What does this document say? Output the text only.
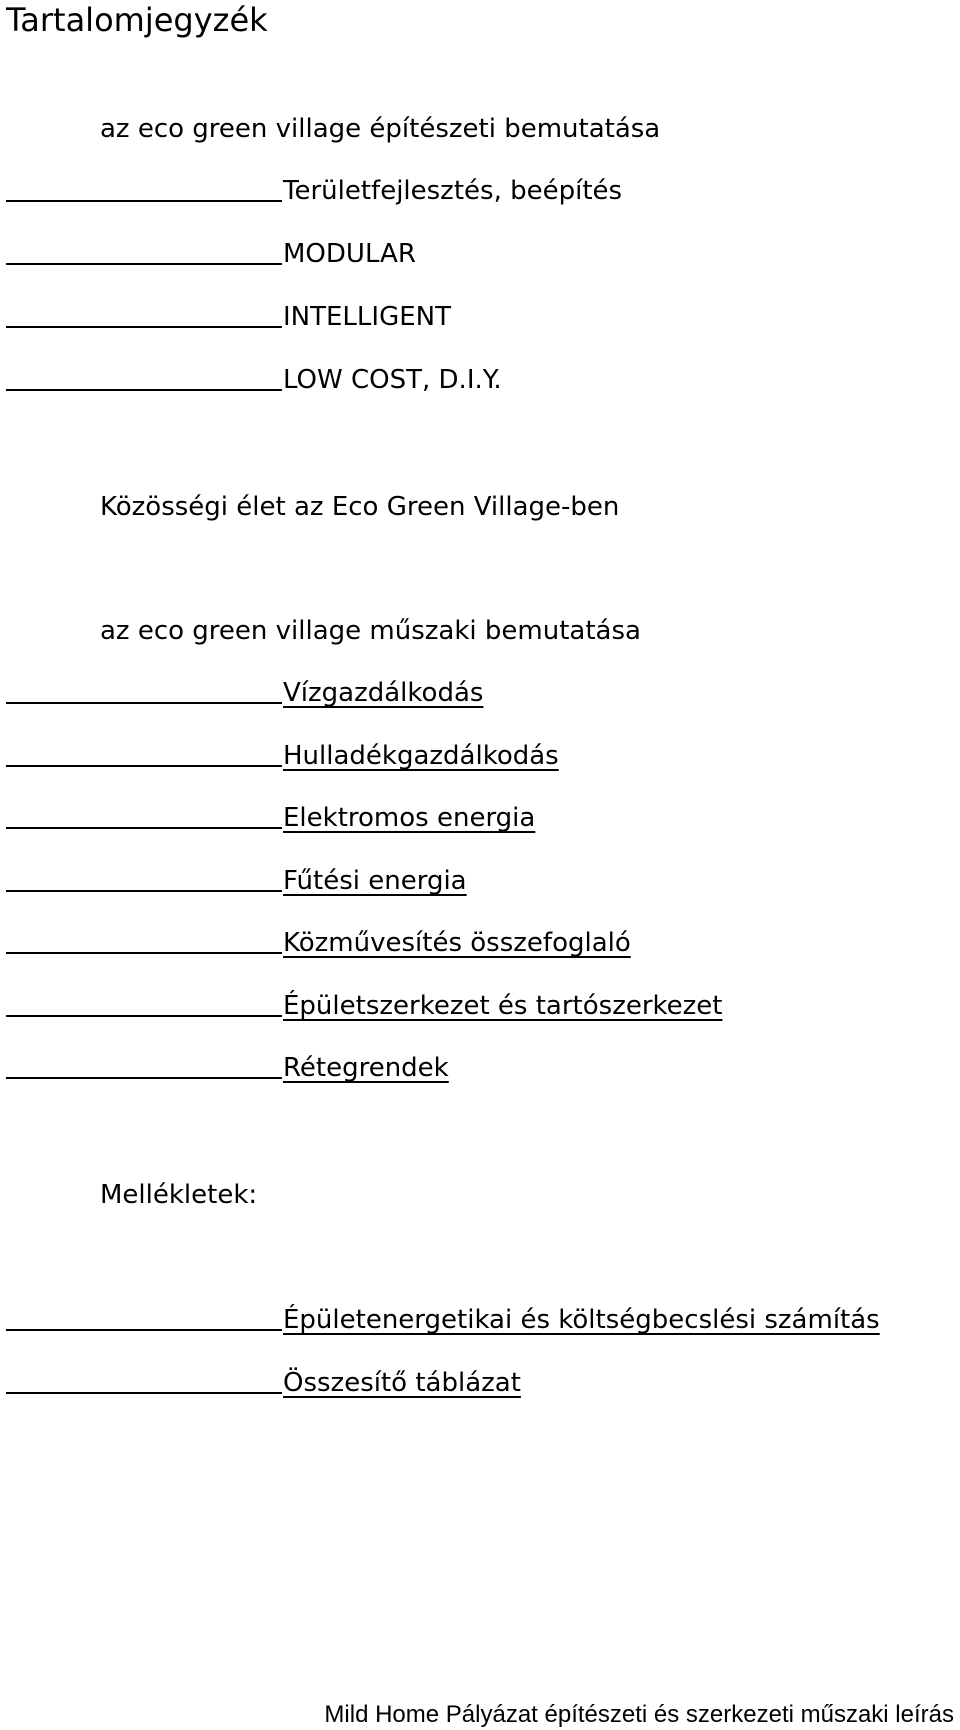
Tartalomjegyzék
az eco green village építészeti bemutatása
Területfejlesztés, beépítés
MODULAR
INTELLIGENT
LOW COST, D.I.Y.
Közösségi élet az Eco Green Village-ben
az eco green village műszaki bemutatása
Vízgazdálkodás
Hulladékgazdálkodás
Elektromos energia
Fűtési energia
Közművesítés összefoglaló
Épületszerkezet és tartószerkezet
Rétegrendek
Mellékletek:
Épületenergetikai és költségbecslési számítás
Összesítő táblázat
Mild Home Pályázat építészeti és szerkezeti műszaki leírás
